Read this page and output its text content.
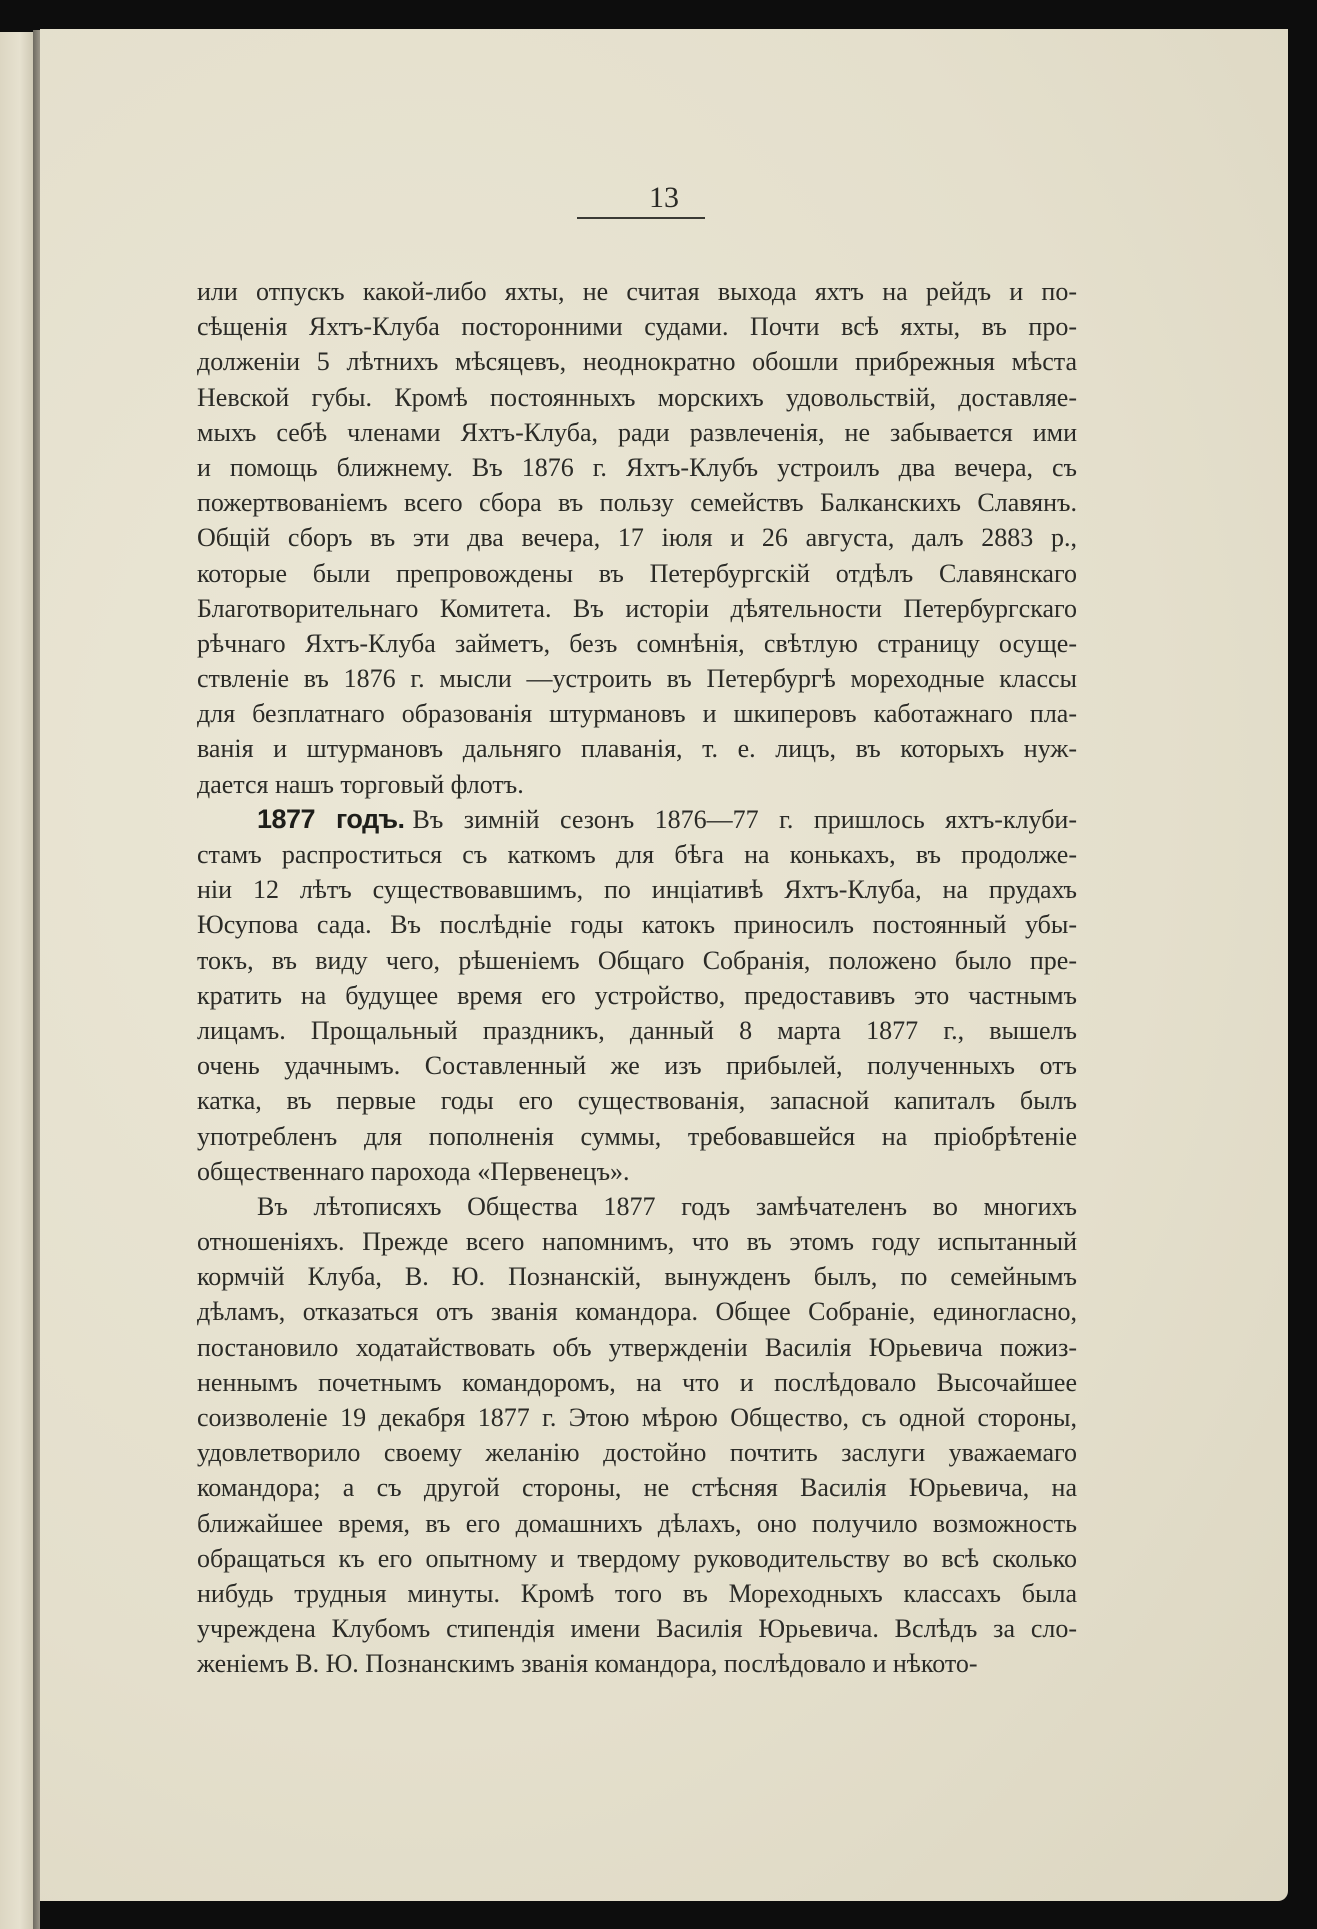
13
или отпускъ какой-либо яхты, не считая выхода яхтъ на рейдъ и по-
сѣщенія Яхтъ-Клуба посторонними судами. Почти всѣ яхты, въ про-
долженіи 5 лѣтнихъ мѣсяцевъ, неоднократно обошли прибрежныя мѣста
Невской губы. Кромѣ постоянныхъ морскихъ удовольствій, доставляе-
мыхъ себѣ членами Яхтъ-Клуба, ради развлеченія, не забывается ими
и помощь ближнему. Въ 1876 г. Яхтъ-Клубъ устроилъ два вечера, съ
пожертвованіемъ всего сбора въ пользу семействъ Балканскихъ Славянъ.
Общій сборъ въ эти два вечера, 17 іюля и 26 августа, далъ 2883 р.,
которые были препровождены въ Петербургскій отдѣлъ Славянскаго
Благотворительнаго Комитета. Въ исторіи дѣятельности Петербургскаго
рѣчнаго Яхтъ-Клуба займетъ, безъ сомнѣнія, свѣтлую страницу осуще-
ствленіе въ 1876 г. мысли —устроить въ Петербургѣ мореходные классы
для безплатнаго образованія штурмановъ и шкиперовъ каботажнаго пла-
ванія и штурмановъ дальняго плаванія, т. е. лицъ, въ которыхъ нуж-
дается нашъ торговый флотъ.
1877 годъ. Въ зимній сезонъ 1876—77 г. пришлось яхтъ-клуби-
стамъ распроститься съ каткомъ для бѣга на конькахъ, въ продолже-
ніи 12 лѣтъ существовавшимъ, по инціативѣ Яхтъ-Клуба, на прудахъ
Юсупова сада. Въ послѣдніе годы катокъ приносилъ постоянный убы-
токъ, въ виду чего, рѣшеніемъ Общаго Собранія, положено было пре-
кратить на будущее время его устройство, предоставивъ это частнымъ
лицамъ. Прощальный праздникъ, данный 8 марта 1877 г., вышелъ
очень удачнымъ. Составленный же изъ прибылей, полученныхъ отъ
катка, въ первые годы его существованія, запасной капиталъ былъ
употребленъ для пополненія суммы, требовавшейся на пріобрѣтеніе
общественнаго парохода «Первенецъ».
Въ лѣтописяхъ Общества 1877 годъ замѣчателенъ во многихъ
отношеніяхъ. Прежде всего напомнимъ, что въ этомъ году испытанный
кормчій Клуба, В. Ю. Познанскій, вынужденъ былъ, по семейнымъ
дѣламъ, отказаться отъ званія командора. Общее Собраніе, единогласно,
постановило ходатайствовать объ утвержденіи Василія Юрьевича пожиз-
неннымъ почетнымъ командоромъ, на что и послѣдовало Высочайшее
соизволеніе 19 декабря 1877 г. Этою мѣрою Общество, съ одной стороны,
удовлетворило своему желанію достойно почтить заслуги уважаемаго
командора; а съ другой стороны, не стѣсняя Василія Юрьевича, на
ближайшее время, въ его домашнихъ дѣлахъ, оно получило возможность
обращаться къ его опытному и твердому руководительству во всѣ сколько
нибудь трудныя минуты. Кромѣ того въ Мореходныхъ классахъ была
учреждена Клубомъ стипендія имени Василія Юрьевича. Вслѣдъ за сло-
женіемъ В. Ю. Познанскимъ званія командора, послѣдовало и нѣкото-
